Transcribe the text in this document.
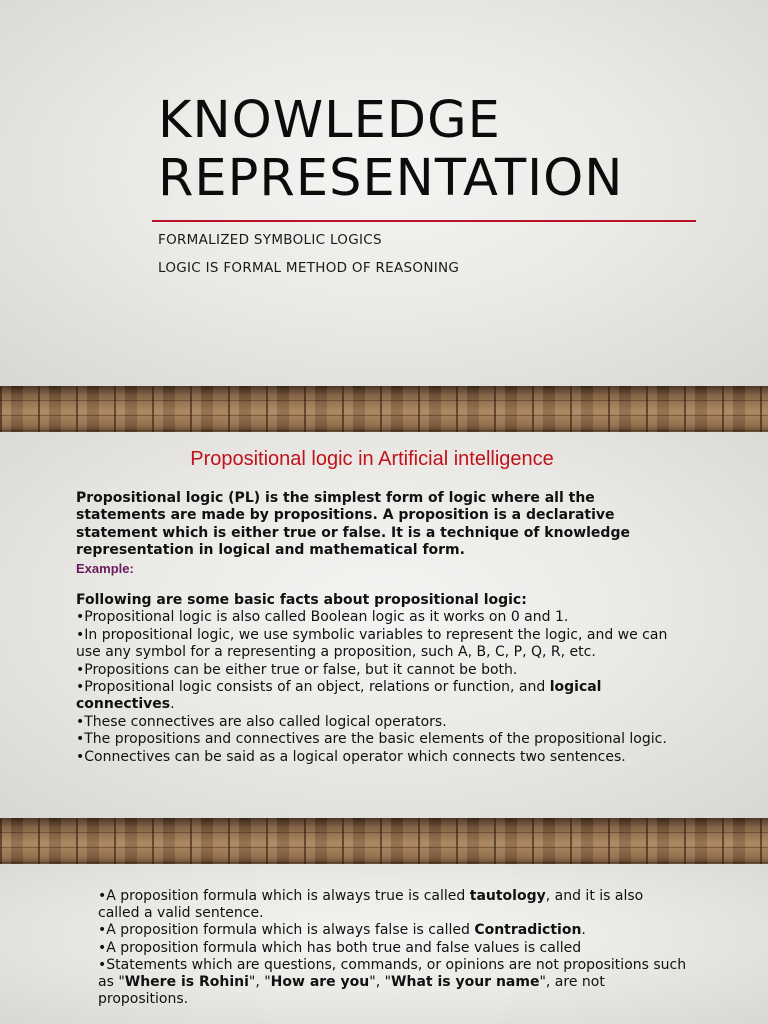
KNOWLEDGE
REPRESENTATION
FORMALIZED SYMBOLIC LOGICS
LOGIC IS FORMAL METHOD OF REASONING
Propositional logic in Artificial intelligence

Propositional logic (PL) is the simplest form of logic where all the statements are made by propositions. A proposition is a declarative statement which is either true or false. It is a technique of knowledge representation in logical and mathematical form.

Example:

Following are some basic facts about propositional logic:

•Propositional logic is also called Boolean logic as it works on 0 and 1.

•In propositional logic, we use symbolic variables to represent the logic, and we can use any symbol for a representing a proposition, such A, B, C, P, Q, R, etc.

•Propositions can be either true or false, but it cannot be both.

•Propositional logic consists of an object, relations or function, and logical connectives.

•These connectives are also called logical operators.

•The propositions and connectives are the basic elements of the propositional logic.

•Connectives can be said as a logical operator which connects two sentences.

•A proposition formula which is always true is called tautology, and it is also called a valid sentence.

•A proposition formula which is always false is called Contradiction.

•A proposition formula which has both true and false values is called

•Statements which are questions, commands, or opinions are not propositions such as "Where is Rohini", "How are you", "What is your name", are not propositions.
